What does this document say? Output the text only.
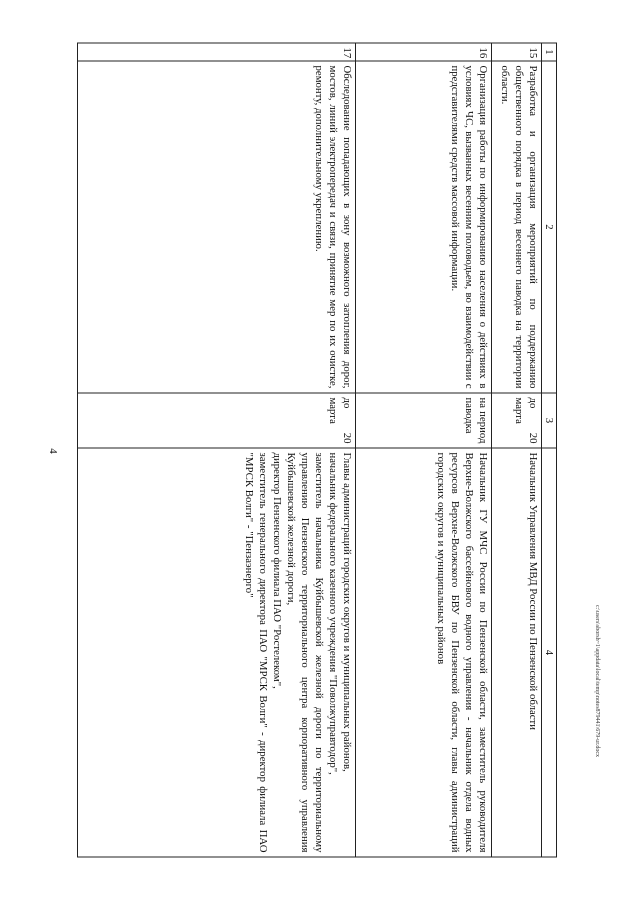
4
c:\users\sborsh~1\appdata\local\temp\notes879441\679-ur.docx
1	2	3	4
15	Разработка и организация мероприятий по поддержанию общественного порядка в период весеннего паводка на территории области.	до 20 марта	Начальник Управления МВД России по Пензенской области

16	Организация работы по информированию населения о действиях в условиях ЧС, вызванных весенним половодьем, во взаимодействии с представителями средств массовой информации.	на период паводка	Начальник ГУ МЧС России по Пензенской области, заместитель руководителя Верхне-Волжского бассейнового водного управления - начальник отдела водных ресурсов Верхне-Волжского БВУ по Пензенской области, главы администраций городских округов и муниципальных районов

17	Обследование попадающих в зону возможного затопления дорог, мостов, линий электропередач и связи, принятие мер по их очистке, ремонту, дополнительному укреплению.	до 20 марта	Главы администраций городских округов и муниципальных районов,
начальник федерального казенного учреждения "Поволжуправтодор",
заместитель начальника Куйбышевской железной дороги по территориальному управлению Пензенского территориального центра корпоративного управления Куйбышевской железной дороги,
директор Пензенского филиала ПАО "Ростелеком",
заместитель генерального директора ПАО "МРСК Волги" - директор филиала ПАО "МРСК Волги" - "Пензаэнерго"
